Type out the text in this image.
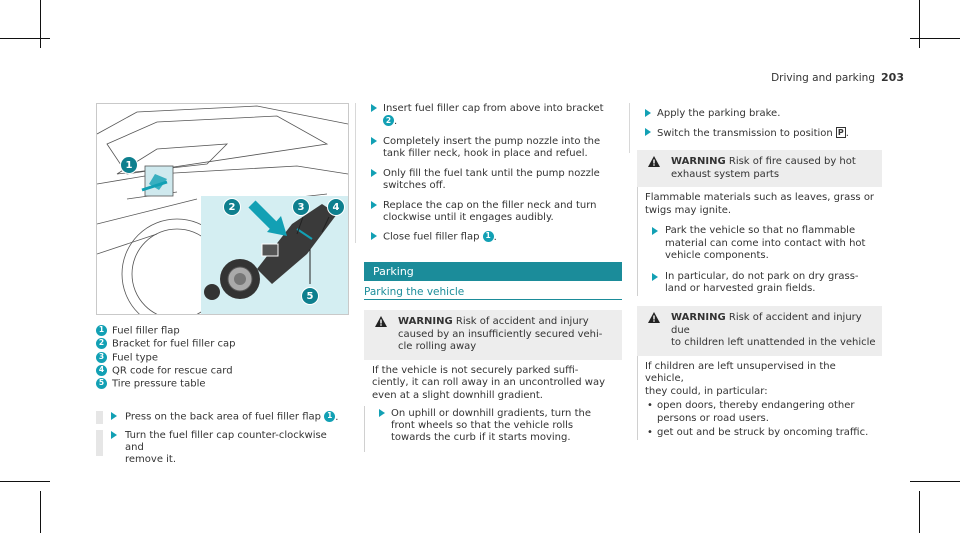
Driving and parking 203
1
2	3	4
5
1 Fuel filler flap
2 Bracket for fuel filler cap
3 Fuel type
4 QR code for rescue card
5 Tire pressure table
Press on the back area of fuel filler flap 1 .
Turn the fuel filler cap counter-clockwise and
remove it.
Insert fuel filler cap from above into bracket
2 .
Completely insert the pump nozzle into the
tank filler neck, hook in place and refuel.
Only fill the fuel tank until the pump nozzle
switches off.
Replace the cap on the filler neck and turn
clockwise until it engages audibly.
Close fuel filler flap 1 .
Parking
Parking the vehicle
WARNING Risk of accident and injury
caused by an insufficiently secured vehi-
cle rolling away
If the vehicle is not securely parked suffi-
ciently, it can roll away in an uncontrolled way
even at a slight downhill gradient.
On uphill or downhill gradients, turn the
front wheels so that the vehicle rolls
towards the curb if it starts moving.
Apply the parking brake.
Switch the transmission to position P .
WARNING Risk of fire caused by hot
exhaust system parts
Flammable materials such as leaves, grass or
twigs may ignite.
Park the vehicle so that no flammable
material can come into contact with hot
vehicle components.
In particular, do not park on dry grass-
land or harvested grain fields.
WARNING Risk of accident and injury due
to children left unattended in the vehicle
If children are left unsupervised in the vehicle,
they could, in particular:
• open doors, thereby endangering other
persons or road users.
• get out and be struck by oncoming traffic.
